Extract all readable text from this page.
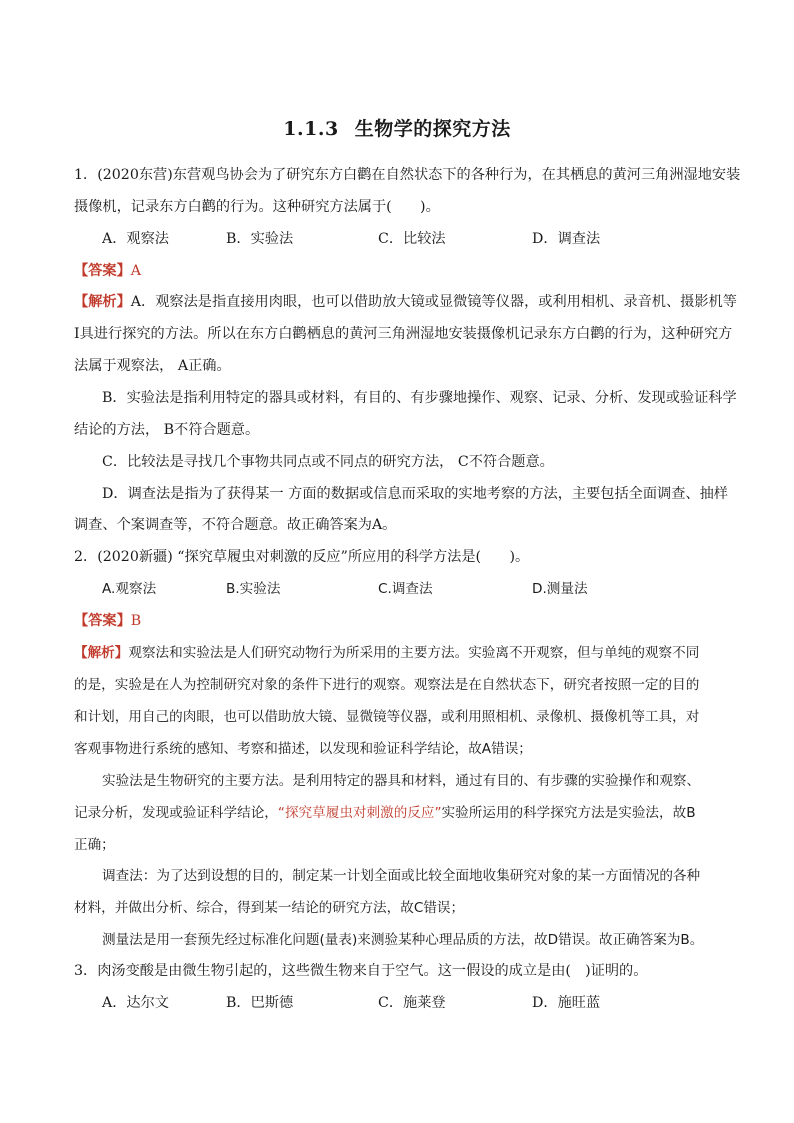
1.1.3 生物学的探究方法
1．(2020东营)东营观鸟协会为了研究东方白鹳在自然状态下的各种行为，在其栖息的黄河三角洲湿地安装
摄像机，记录东方白鹳的行为。这种研究方法属于(　　)。
A．观察法	B．实验法	C．比较法	D．调查法
【答案】A
【解析】A．观察法是指直接用肉眼，也可以借助放大镜或显微镜等仪器，或利用相机、录音机、摄影机等
I具进行探究的方法。所以在东方白鹳栖息的黄河三角洲湿地安装摄像机记录东方白鹳的行为，这种研究方
法属于观察法， A正确。
B．实验法是指利用特定的器具或材料，有目的、有步骤地操作、观察、记录、分析、发现或验证科学
结论的方法， B不符合题意。
C．比较法是寻找几个事物共同点或不同点的研究方法， C不符合题意。
D．调查法是指为了获得某一 方面的数据或信息而采取的实地考察的方法，主要包括全面调查、抽样
调查、个案调查等，不符合题意。故正确答案为A。
2．(2020新疆) “探究草履虫对刺激的反应”所应用的科学方法是(　　)。
A.观察法	B.实验法	C.调查法	D.测量法
【答案】B
【解析】观察法和实验法是人们研究动物行为所采用的主要方法。实验离不开观察，但与单纯的观察不同
的是，实验是在人为控制研究对象的条件下进行的观察。观察法是在自然状态下，研究者按照一定的目的
和计划，用自己的肉眼，也可以借助放大镜、显微镜等仪器，或利用照相机、录像机、摄像机等工具，对
客观事物进行系统的感知、考察和描述，以发现和验证科学结论，故A错误；
实验法是生物研究的主要方法。是利用特定的器具和材料，通过有目的、有步骤的实验操作和观察、
记录分析，发现或验证科学结论，“探究草履虫对刺激的反应”实验所运用的科学探究方法是实验法，故B
正确；
调查法：为了达到设想的目的，制定某一计划全面或比较全面地收集研究对象的某一方面情况的各种
材料，并做出分析、综合，得到某一结论的研究方法，故C错误；
测量法是用一套预先经过标准化问题(量表)来测验某种心理品质的方法，故D错误。故正确答案为B。
3．肉汤变酸是由微生物引起的，这些微生物来自于空气。这一假设的成立是由(　)证明的。
A．达尔文	B．巴斯德	C．施莱登	D．施旺蓝
